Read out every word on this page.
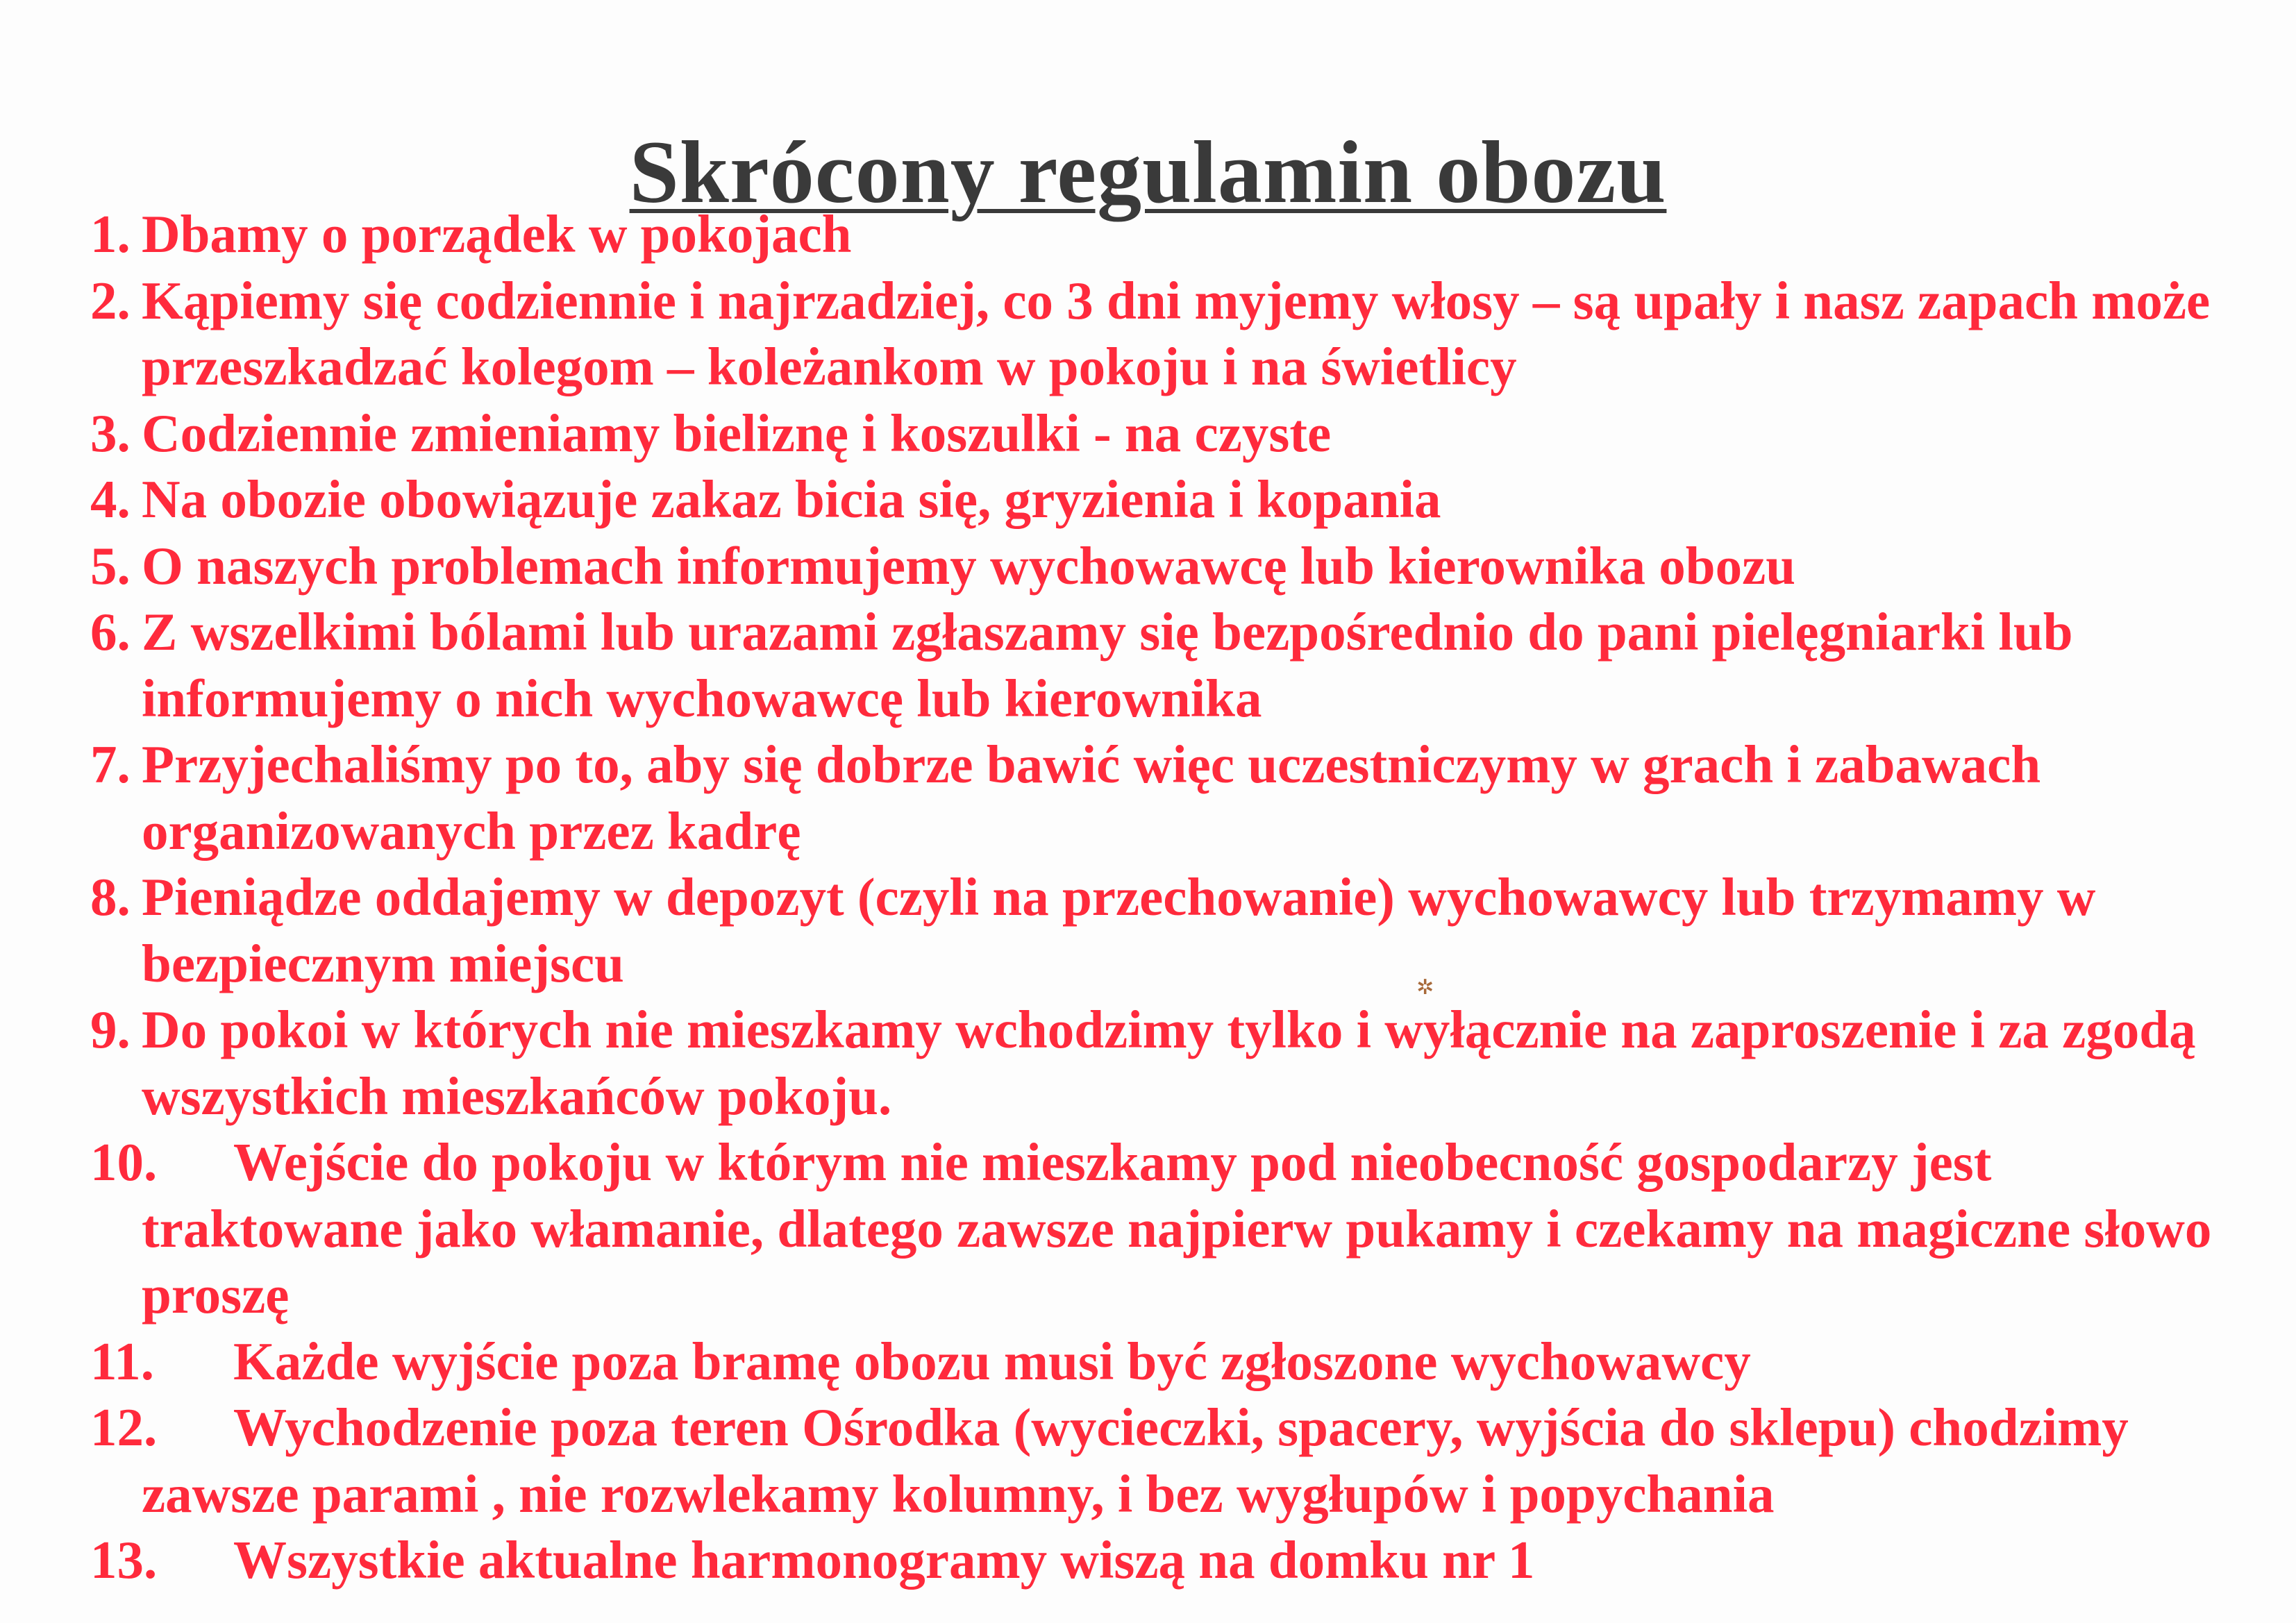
Skrócony regulamin obozu
1. Dbamy o porządek w pokojach
2. Kąpiemy się codziennie i najrzadziej, co 3 dni myjemy włosy – są upały i nasz zapach może przeszkadzać kolegom – koleżankom w pokoju i na świetlicy
3. Codziennie zmieniamy bieliznę i koszulki - na czyste
4. Na obozie obowiązuje zakaz bicia się, gryzienia i kopania
5. O naszych problemach informujemy wychowawcę lub kierownika obozu
6. Z wszelkimi bólami lub urazami zgłaszamy się bezpośrednio do pani pielęgniarki lub informujemy o nich wychowawcę lub kierownika
7. Przyjechaliśmy po to, aby się dobrze bawić więc uczestniczymy w grach i zabawach organizowanych przez kadrę
8. Pieniądze oddajemy w depozyt (czyli na przechowanie) wychowawcy lub trzymamy w bezpiecznym miejscu
9. Do pokoi w których nie mieszkamy wchodzimy tylko i wyłącznie na zaproszenie i za zgodą wszystkich mieszkańców pokoju.
10. Wejście do pokoju w którym nie mieszkamy pod nieobecność gospodarzy jest traktowane jako włamanie, dlatego zawsze najpierw pukamy i czekamy na magiczne słowo proszę
11. Każde wyjście poza bramę obozu musi być zgłoszone wychowawcy
12. Wychodzenie poza teren Ośrodka (wycieczki, spacery, wyjścia do sklepu) chodzimy zawsze parami , nie rozwlekamy kolumny, i bez wygłupów i popychania
13. Wszystkie aktualne harmonogramy wiszą na domku nr 1
✲
